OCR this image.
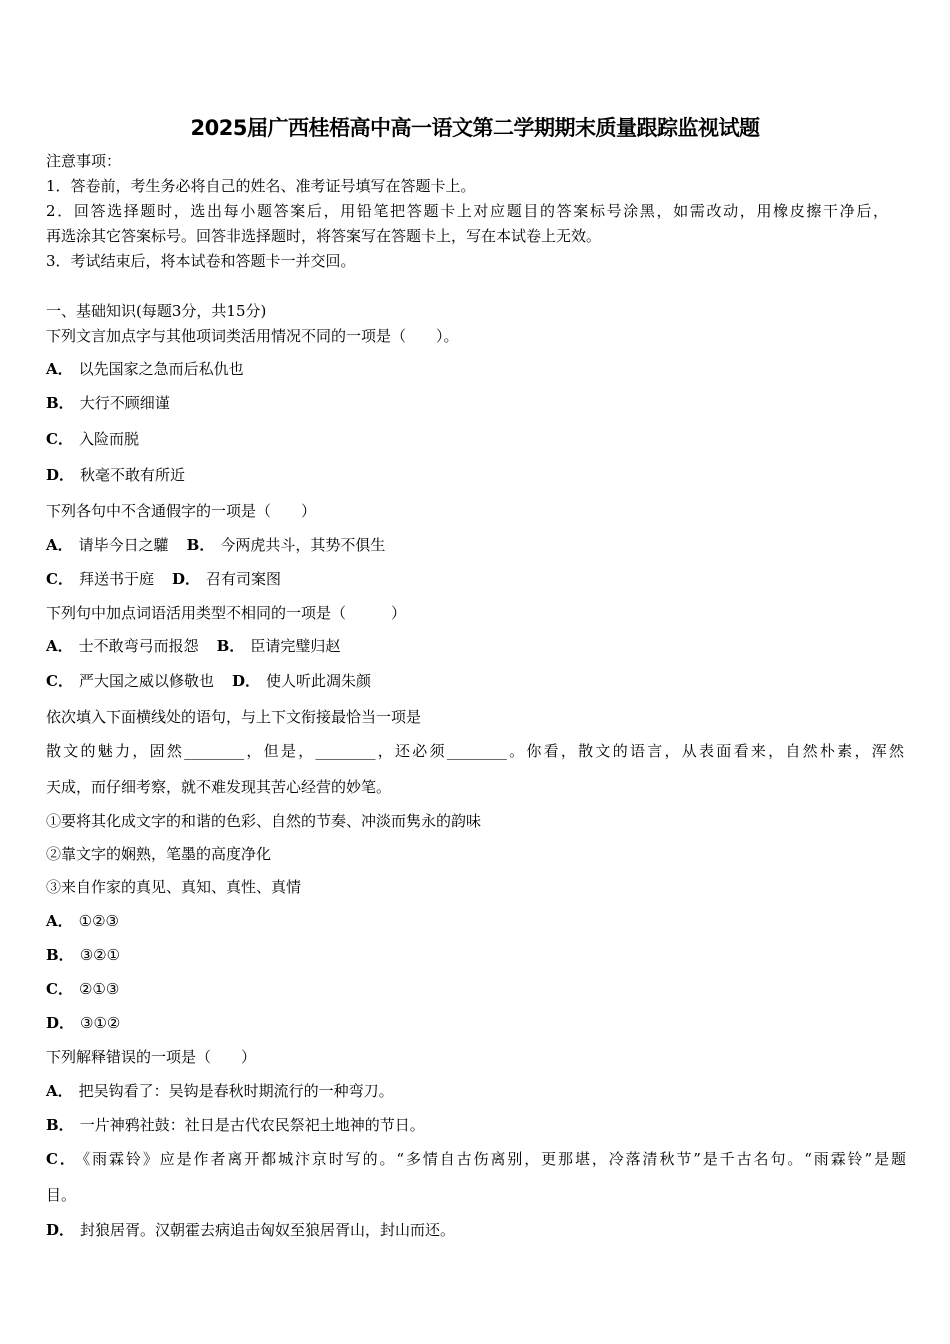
2025届广西桂梧高中高一语文第二学期期末质量跟踪监视试题
注意事项：
1．答卷前，考生务必将自己的姓名、准考证号填写在答题卡上。
2．回答选择题时，选出每小题答案后，用铅笔把答题卡上对应题目的答案标号涂黑，如需改动，用橡皮擦干净后，
再选涂其它答案标号。回答非选择题时，将答案写在答题卡上，写在本试卷上无效。
3．考试结束后，将本试卷和答题卡一并交回。
一、基础知识(每题3分，共15分)
下列文言加点字与其他项词类活用情况不同的一项是（　　）。
A． 以先国家之急而后私仇也
B． 大行不顾细谨
C． 入险而脱
D． 秋毫不敢有所近
下列各句中不含通假字的一项是（　　）
A． 请毕今日之驩 B． 今两虎共斗，其势不俱生
C． 拜送书于庭 D． 召有司案图
下列句中加点词语活用类型不相同的一项是（　　　）
A． 士不敢弯弓而报怨 B． 臣请完璧归赵
C． 严大国之威以修敬也 D． 使人听此凋朱颜
依次填入下面横线处的语句，与上下文衔接最恰当一项是
散文的魅力，固然________，但是，________，还必须________。你看，散文的语言，从表面看来，自然朴素，浑然
天成，而仔细考察，就不难发现其苦心经营的妙笔。
①要将其化成文字的和谐的色彩、自然的节奏、冲淡而隽永的韵味
②靠文字的娴熟，笔墨的高度净化
③来自作家的真见、真知、真性、真情
A． ①②③
B． ③②①
C． ②①③
D． ③①②
下列解释错误的一项是（　　）
A． 把吴钩看了：吴钩是春秋时期流行的一种弯刀。
B． 一片神鸦社鼓：社日是古代农民祭祀土地神的节日。
C． 《雨霖铃》应是作者离开都城汴京时写的。“多情自古伤离别，更那堪，冷落清秋节”是千古名句。“雨霖铃”是题
目。
D． 封狼居胥。汉朝霍去病追击匈奴至狼居胥山，封山而还。
